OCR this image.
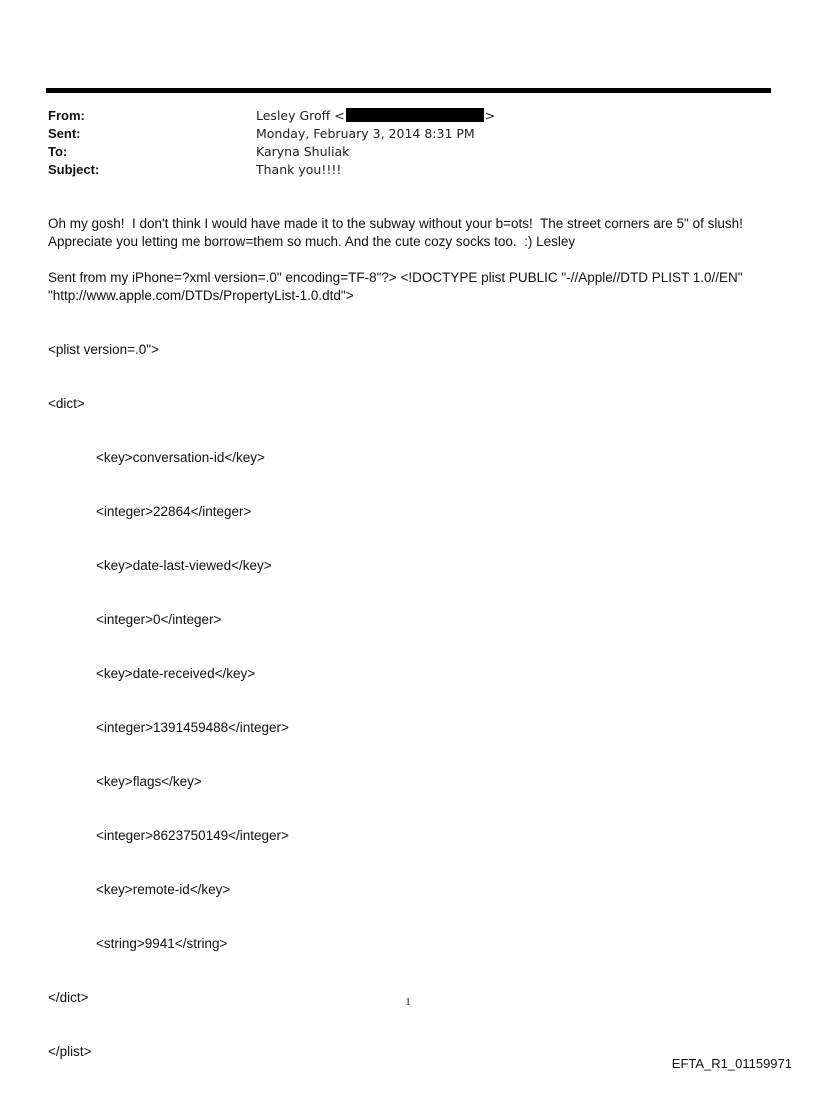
From:	Lesley Groff <	>
Sent:	Monday, February 3, 2014 8:31 PM
To:	Karyna Shuliak
Subject:	Thank you!!!!

Oh my gosh!  I don't think I would have made it to the subway without your b=ots!  The street corners are 5" of slush!

Appreciate you letting me borrow=them so much. And the cute cozy socks too.  :) Lesley

Sent from my iPhone=?xml version=.0" encoding=TF-8"?> <!DOCTYPE plist PUBLIC "-//Apple//DTD PLIST 1.0//EN"

"http://www.apple.com/DTDs/PropertyList-1.0.dtd">

<plist version=.0">

<dict>

<key>conversation-id</key>

<integer>22864</integer>

<key>date-last-viewed</key>

<integer>0</integer>

<key>date-received</key>

<integer>1391459488</integer>

<key>flags</key>

<integer>8623750149</integer>

<key>remote-id</key>

<string>9941</string>

</dict>

</plist>

1
EFTA_R1_01159971
